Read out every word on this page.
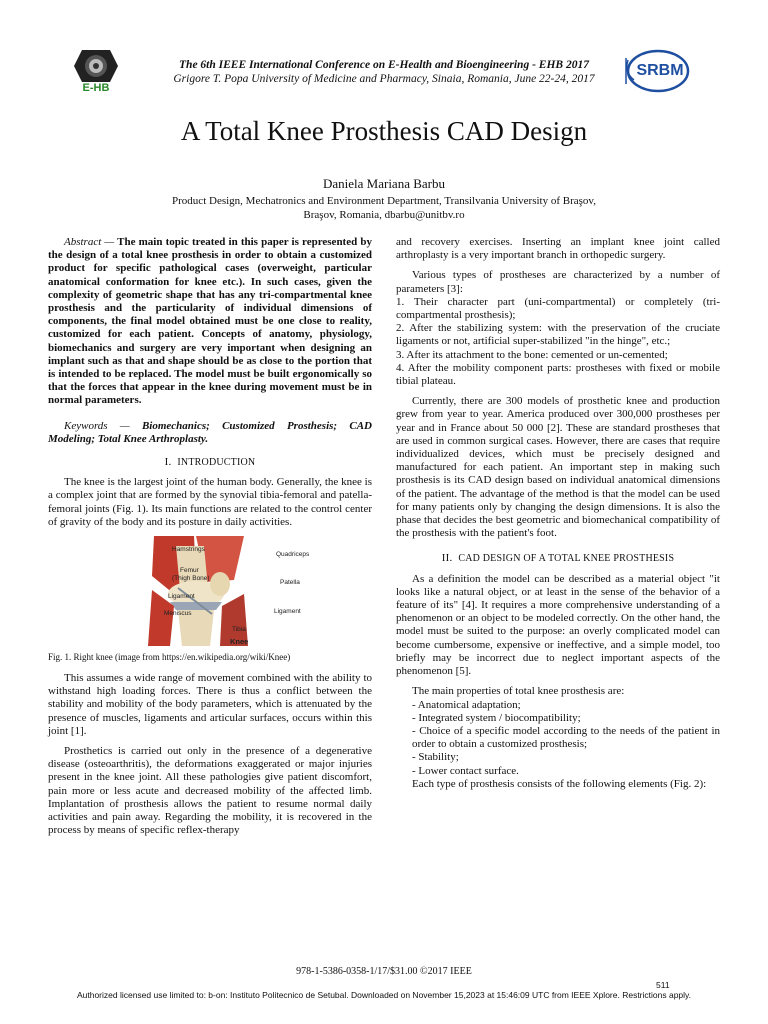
E-HB
The 6th IEEE International Conference on E-Health and Bioengineering - EHB 2017
Grigore T. Popa University of Medicine and Pharmacy, Sinaia, Romania, June 22-24, 2017	SRBM
A Total Knee Prosthesis CAD Design
Daniela Mariana Barbu
Product Design, Mechatronics and Environment Department, Transilvania University of Braşov,
Braşov, Romania, dbarbu@unitbv.ro

Abstract — The main topic treated in this paper is represented by the design of a total knee prosthesis in order to obtain a customized product for specific pathological cases (overweight, particular anatomical conformation for knee etc.). In such cases, given the complexity of geometric shape that has any tri-compartmental knee prosthesis and the particularity of individual dimensions of components, the final model obtained must be one close to reality, customized for each patient. Concepts of anatomy, physiology, biomechanics and surgery are very important when designing an implant such as that and shape should be as close to the portion that is intended to be replaced. The model must be built ergonomically so that the forces that appear in the knee during movement must be in normal parameters.

Keywords — Biomechanics; Customized Prosthesis; CAD Modeling; Total Knee Arthroplasty.

I. INTRODUCTION

The knee is the largest joint of the human body. Generally, the knee is a complex joint that are formed by the synovial tibia-femoral and patella-femoral joints (Fig. 1). Its main functions are related to the control center of gravity of the body and its posture in daily activities.

Hamstrings
Quadriceps
Femur
(Thigh Bone)
Patella
Ligament
Ligament
Meniscus
Tibia
Knee
Fig. 1. Right knee (image from https://en.wikipedia.org/wiki/Knee)

This assumes a wide range of movement combined with the ability to withstand high loading forces. There is thus a conflict between the stability and mobility of the body parameters, which is attenuated by the presence of muscles, ligaments and articular surfaces, occurs within this joint [1].

Prosthetics is carried out only in the presence of a degenerative disease (osteoarthritis), the deformations exaggerated or major injuries present in the knee joint. All these pathologies give patient discomfort, pain more or less acute and decreased mobility of the affected limb. Implantation of prosthesis allows the patient to resume normal daily activities and pain away. Regarding the mobility, it is recovered in the process by means of specific reflex-therapy

and recovery exercises. Inserting an implant knee joint called arthroplasty is a very important branch in orthopedic surgery.

Various types of prostheses are characterized by a number of parameters [3]:

1. Their character part (uni-compartmental) or completely (tri-compartmental prosthesis);
2. After the stabilizing system: with the preservation of the cruciate ligaments or not, artificial super-stabilized "in the hinge", etc.;
3. After its attachment to the bone: cemented or un-cemented;
4. After the mobility component parts: prostheses with fixed or mobile tibial plateau.

Currently, there are 300 models of prosthetic knee and production grew from year to year. America produced over 300,000 prostheses per year and in France about 50 000 [2]. These are standard prostheses that are used in common surgical cases. However, there are cases that require individualized devices, which must be precisely designed and manufactured for each patient. An important step in making such prosthesis is its CAD design based on individual anatomical dimensions of the patient. The advantage of the method is that the model can be used for many patients only by changing the design dimensions. It is also the phase that decides the best geometric and biomechanical compatibility of the prosthesis with the patient's foot.

II. CAD DESIGN OF A TOTAL KNEE PROSTHESIS

As a definition the model can be described as a material object "it looks like a natural object, or at least in the sense of the behavior of a feature of its" [4]. It requires a more comprehensive understanding of a phenomenon or an object to be modeled correctly. On the other hand, the model must be suited to the purpose: an overly complicated model can become cumbersome, expensive or ineffective, and a simple model, too briefly may be incorrect due to neglect important aspects of the phenomenon [5].

The main properties of total knee prosthesis are:

- Anatomical adaptation;
- Integrated system / biocompatibility;
- Choice of a specific model according to the needs of the patient in order to obtain a customized prosthesis;
- Stability;
- Lower contact surface.

Each type of prosthesis consists of the following elements (Fig. 2):

978-1-5386-0358-1/17/$31.00 ©2017 IEEE
511
Authorized licensed use limited to: b-on: Instituto Politecnico de Setubal. Downloaded on November 15,2023 at 15:46:09 UTC from IEEE Xplore. Restrictions apply.
